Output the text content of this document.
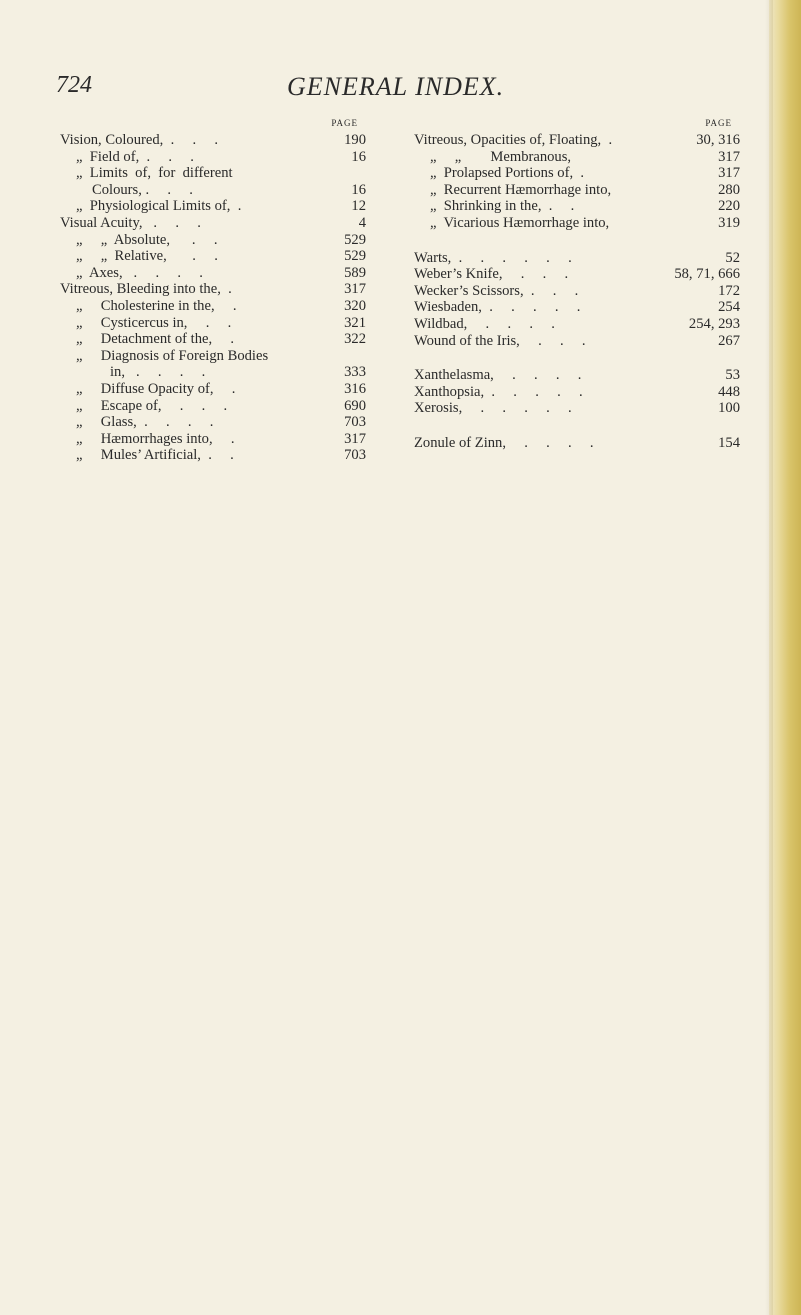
724	GENERAL INDEX.
PAGE
Vision, Coloured,  .     .     .	190
„  Field of,  .     .     .	16
„  Limits  of,  for  different
Colours, .     .     .	16
„  Physiological Limits of,  .	12
Visual Acuity,   .     .     .	4
„     „  Absolute,      .     .	529
„     „  Relative,       .     .	529
„  Axes,   .     .     .     .	589
Vitreous, Bleeding into the,  .	317
„     Cholesterine in the,     .	320
„     Cysticercus in,     .     .	321
„     Detachment of the,     .	322
„     Diagnosis of Foreign Bodies
in,   .     .     .     .	333
„     Diffuse Opacity of,     .	316
„     Escape of,     .     .     .	690
„     Glass,  .     .     .     .	703
„     Hæmorrhages into,     .	317
„     Mules’ Artificial,  .     .	703
PAGE
Vitreous, Opacities of, Floating,  .	30, 316
„     „        Membranous,	317
„  Prolapsed Portions of,  .	317
„  Recurrent Hæmorrhage into,	280
„  Shrinking in the,  .     .	220
„  Vicarious Hæmorrhage into,	319
Warts,  .     .     .     .     .     .	52
Weber’s Knife,     .     .     .	58, 71, 666
Wecker’s Scissors,  .     .     .	172
Wiesbaden,  .     .     .     .     .	254
Wildbad,     .     .     .     .	254, 293
Wound of the Iris,     .     .     .	267
Xanthelasma,     .     .     .     .	53
Xanthopsia,  .     .     .     .     .	448
Xerosis,     .     .     .     .     .	100
Zonule of Zinn,     .     .     .     .	154
